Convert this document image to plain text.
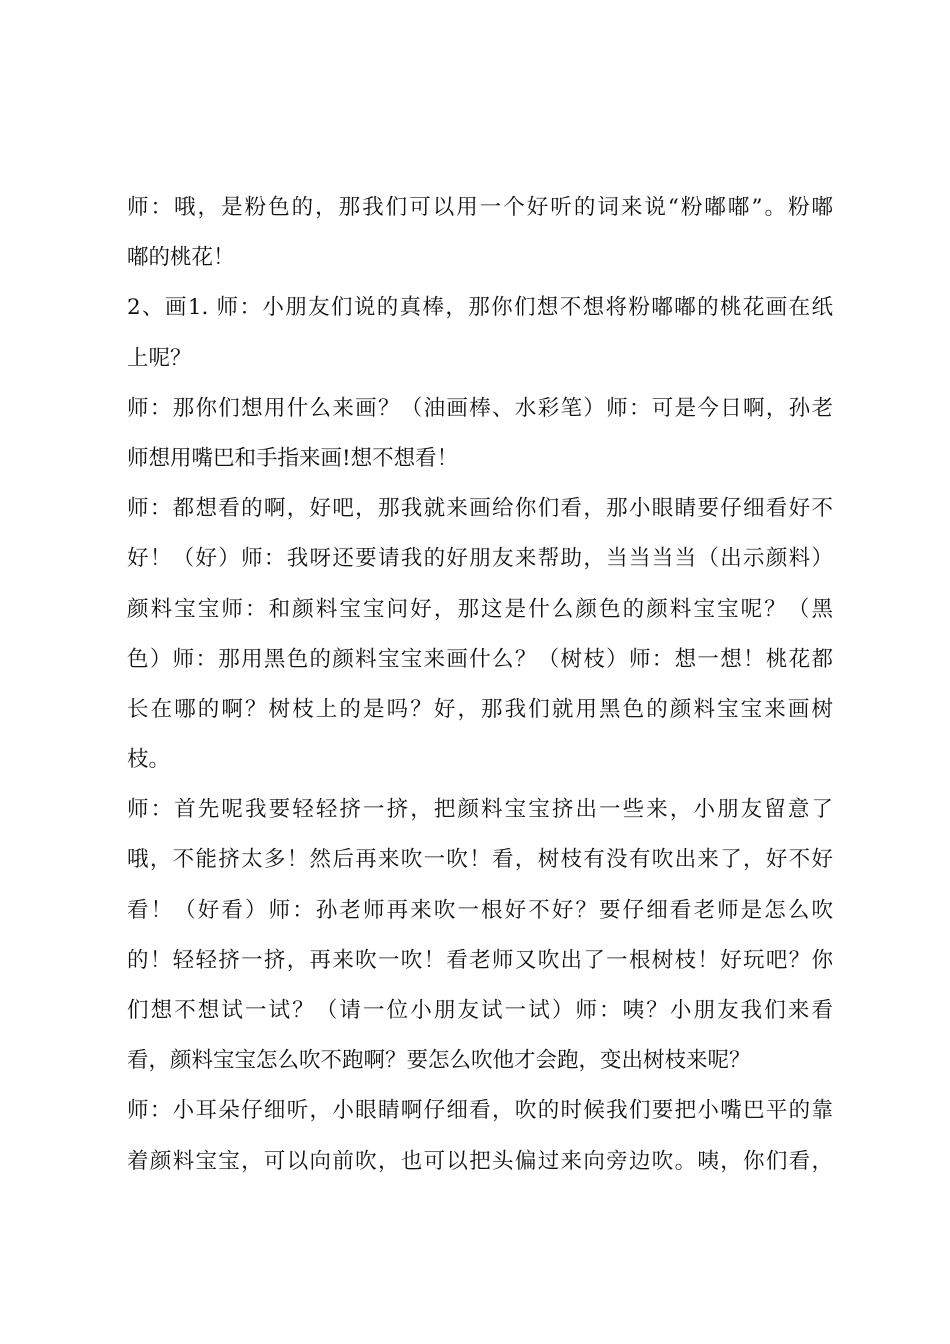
师：哦，是粉色的，那我们可以用一个好听的词来说“粉嘟嘟”。粉嘟
嘟的桃花！
2、画1. 师：小朋友们说的真棒，那你们想不想将粉嘟嘟的桃花画在纸
上呢？
师：那你们想用什么来画？（油画棒、水彩笔）师：可是今日啊，孙老
师想用嘴巴和手指来画!想不想看！
师：都想看的啊，好吧，那我就来画给你们看，那小眼睛要仔细看好不
好！（好）师：我呀还要请我的好朋友来帮助，当当当当（出示颜料）
颜料宝宝师：和颜料宝宝问好，那这是什么颜色的颜料宝宝呢？（黑
色）师：那用黑色的颜料宝宝来画什么？（树枝）师：想一想！桃花都
长在哪的啊？树枝上的是吗？好，那我们就用黑色的颜料宝宝来画树
枝。
师：首先呢我要轻轻挤一挤，把颜料宝宝挤出一些来，小朋友留意了
哦，不能挤太多！然后再来吹一吹！看，树枝有没有吹出来了，好不好
看！（好看）师：孙老师再来吹一根好不好？要仔细看老师是怎么吹
的！轻轻挤一挤，再来吹一吹！看老师又吹出了一根树枝！好玩吧？你
们想不想试一试？（请一位小朋友试一试）师：咦？小朋友我们来看
看，颜料宝宝怎么吹不跑啊？要怎么吹他才会跑，变出树枝来呢？
师：小耳朵仔细听，小眼睛啊仔细看，吹的时候我们要把小嘴巴平的靠
着颜料宝宝，可以向前吹，也可以把头偏过来向旁边吹。咦，你们看，
